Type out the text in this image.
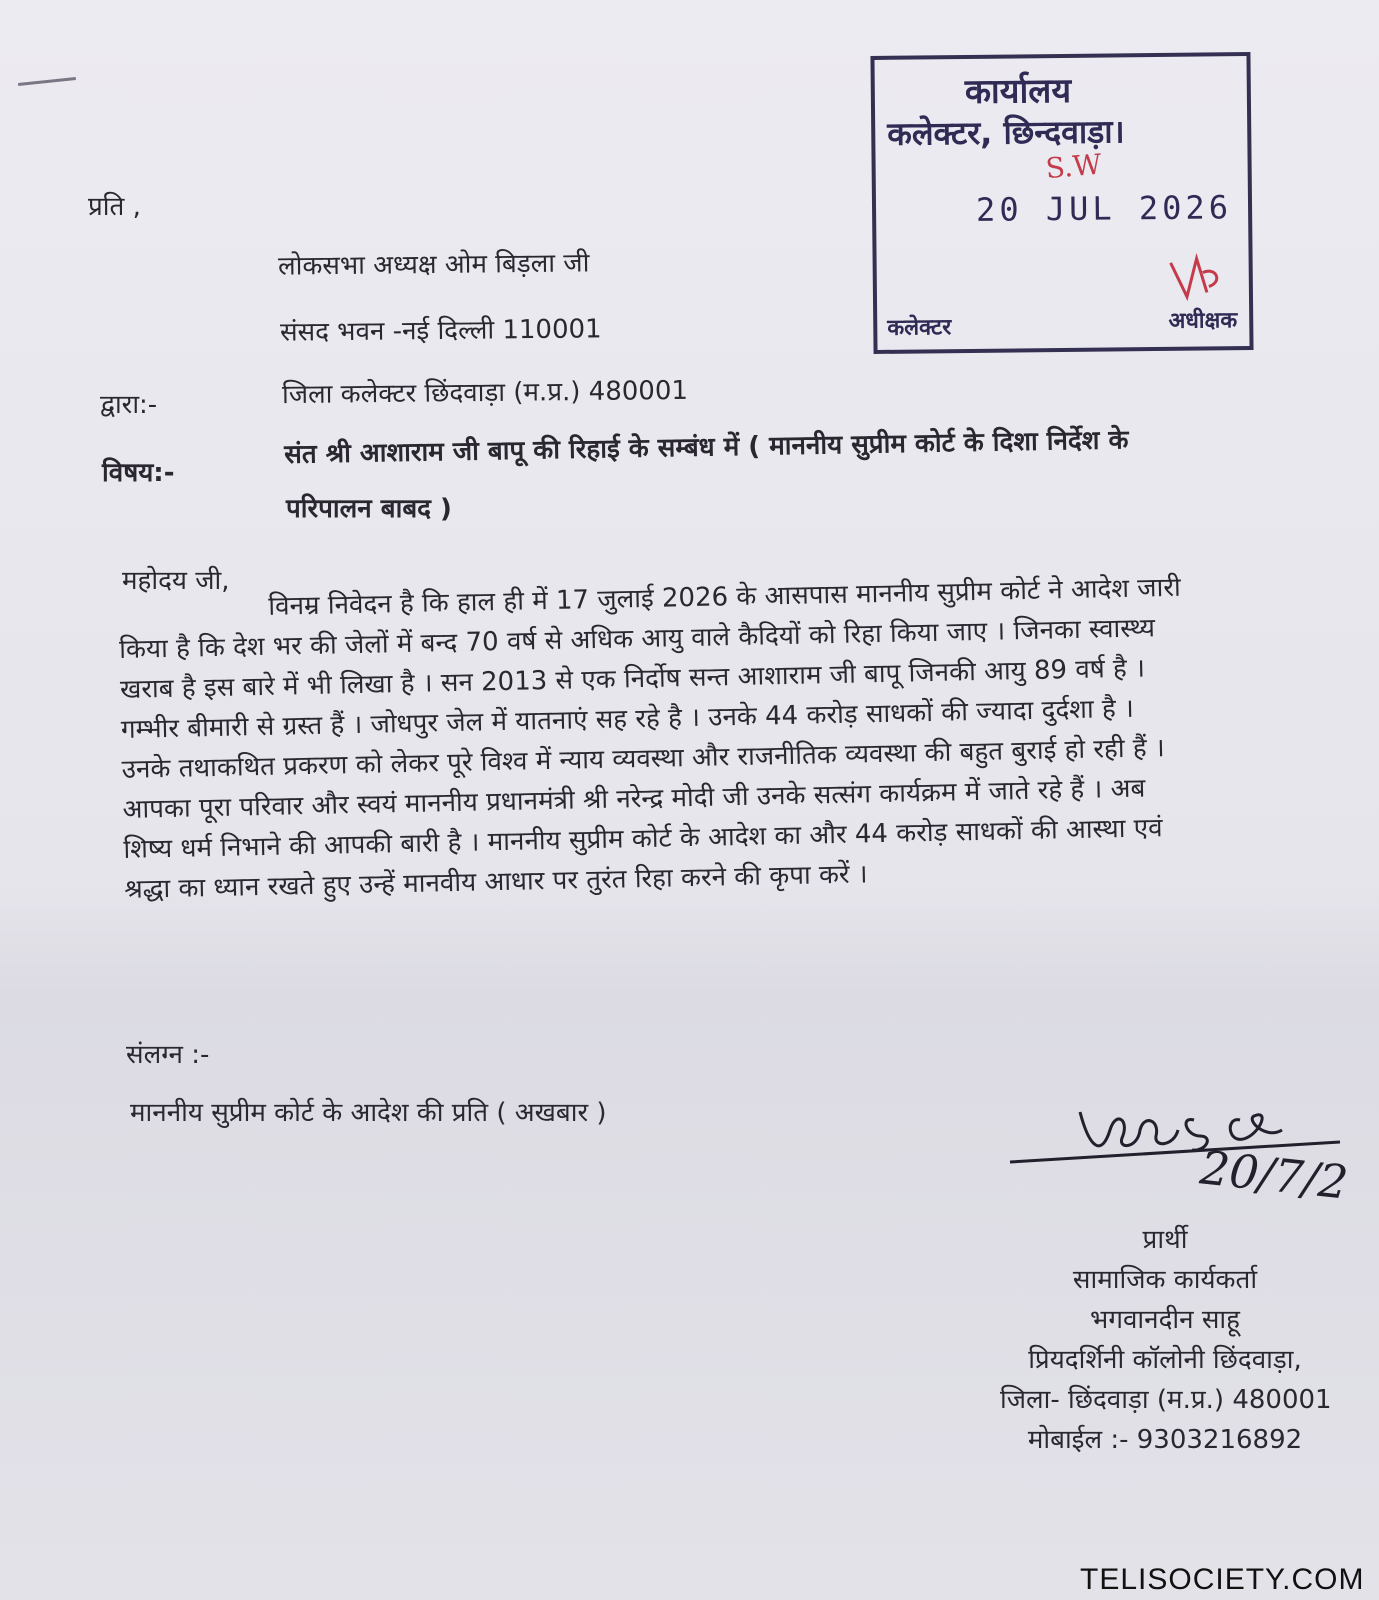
प्रति ,
लोकसभा अध्यक्ष ओम बिड़ला जी
संसद भवन -नई दिल्ली 110001
द्वारा:-	जिला कलेक्टर छिंदवाड़ा (म.प्र.) 480001
विषय:-
संत श्री आशाराम जी बापू की रिहाई के सम्बंध में ( माननीय सुप्रीम कोर्ट के दिशा निर्देश के
परिपालन बाबद )
महोदय जी,	विनम्र निवेदन है कि हाल ही में 17 जुलाई 2026 के आसपास माननीय सुप्रीम कोर्ट ने आदेश जारी

किया है कि देश भर की जेलों में बन्द 70 वर्ष से अधिक आयु वाले कैदियों को रिहा किया जाए । जिनका स्वास्थ्य

खराब है इस बारे में भी लिखा है । सन 2013 से एक निर्दोष सन्त आशाराम जी बापू जिनकी आयु 89 वर्ष है ।

गम्भीर बीमारी से ग्रस्त हैं । जोधपुर जेल में यातनाएं सह रहे है । उनके 44 करोड़ साधकों की ज्यादा दुर्दशा है ।

उनके तथाकथित प्रकरण को लेकर पूरे विश्व में न्याय व्यवस्था और राजनीतिक व्यवस्था की बहुत बुराई हो रही हैं ।

आपका पूरा परिवार और स्वयं माननीय प्रधानमंत्री श्री नरेन्द्र मोदी जी उनके सत्संग कार्यक्रम में जाते रहे हैं । अब

शिष्य धर्म निभाने की आपकी बारी है । माननीय सुप्रीम कोर्ट के आदेश का और 44 करोड़ साधकों की आस्था एवं

श्रद्धा का ध्यान रखते हुए उन्हें मानवीय आधार पर तुरंत रिहा करने की कृपा करें ।

संलग्न :-
माननीय सुप्रीम कोर्ट के आदेश की प्रति ( अखबार )
कार्यालय
कलेक्टर, छिन्दवाड़ा।
S.W
20 JUL 2026
कलेक्टर	अधीक्षक
20/7/2
प्रार्थी
सामाजिक कार्यकर्ता
भगवानदीन साहू
प्रियदर्शिनी कॉलोनी छिंदवाड़ा,
जिला- छिंदवाड़ा (म.प्र.) 480001
मोबाईल :- 9303216892
TELISOCIETY.COM
